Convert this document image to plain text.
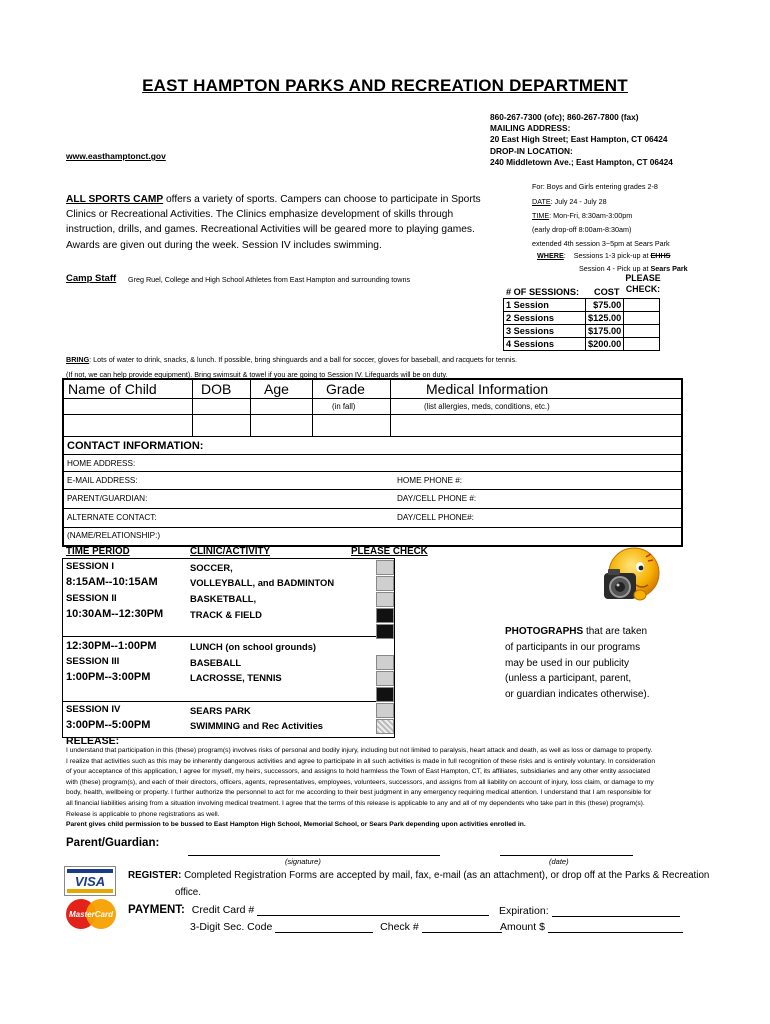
EAST HAMPTON PARKS AND RECREATION DEPARTMENT
860-267-7300 (ofc); 860-267-7800 (fax)
MAILING ADDRESS:
20 East High Street; East Hampton, CT 06424
DROP-IN LOCATION:
240 Middletown Ave.; East Hampton, CT 06424
www.easthamptonct.gov
ALL SPORTS CAMP offers a variety of sports. Campers can choose to participate in Sports Clinics or Recreational Activities. The Clinics emphasize development of skills through instruction, drills, and games. Recreational Activities will be geared more to playing games. Awards are given out during the week. Session IV includes swimming.
For: Boys and Girls entering grades 2-8
DATE: July 24 - July 28
TIME: Mon-Fri, 8:30am-3:00pm
(early drop-off 8:00am-8:30am)
extended 4th session 3~5pm at Sears Park
WHERE:    Sessions 1-3 pick-up at EHHS
Session 4 - Pick up at Sears Park
Camp Staff Greg Ruel, College and High School Athletes from East Hampton and surrounding towns	PLEASE CHECK:
# OF SESSIONS: COST
1 Session	$75.00	
2 Sessions	$125.00	
3 Sessions	$175.00	
4 Sessions	$200.00	
BRING: Lots of water to drink, snacks, & lunch. If possible, bring shinguards and a ball for soccer, gloves for baseball, and racquets for tennis.
(If not, we can help provide equipment). Bring swimsuit & towel if you are going to Session IV. Lifeguards will be on duty.
Name of Child	DOB Age	Grade	Medical Information
(in fall)	(list allergies, meds, conditions, etc.)
CONTACT INFORMATION:
HOME ADDRESS:
E-MAIL ADDRESS:	HOME PHONE #:
PARENT/GUARDIAN:	DAY/CELL PHONE #:
ALTERNATE CONTACT:	DAY/CELL PHONE#:
(NAME/RELATIONSHIP:)
TIME PERIOD	CLINIC/ACTIVITY	PLEASE CHECK
SESSION I	SOCCER,
8:15AM--10:15AM	VOLLEYBALL, and BADMINTON
SESSION II	BASKETBALL,
10:30AM--12:30PM	TRACK & FIELD
12:30PM--1:00PM	LUNCH (on school grounds)
SESSION III	BASEBALL
1:00PM--3:00PM	LACROSSE, TENNIS
SESSION IV	SEARS PARK
3:00PM--5:00PM	SWIMMING and Rec Activities
PHOTOGRAPHS that are taken
of participants in our programs
may be used in our publicity
(unless a participant, parent,
or guardian indicates otherwise).
RELEASE:
I understand that participation in this (these) program(s) involves risks of personal and bodily injury, including but not limited to paralysis, heart attack and death, as well as loss or damage to property. I realize that activities such as this may be inherently dangerous activities and agree to participate in all such activities is made in full recognition of these risks and is entirely voluntary. In consideration of your acceptance of this application, I agree for myself, my heirs, successors, and assigns to hold harmless the Town of East Hampton, CT, its affiliates, subsidiaries and any other entity associated with (these) program(s), and each of their directors, officers, agents, representatives, employees, volunteers, successors, and assigns from all liability on account of injury, loss claim, or damage to my body, health, wellbeing or property. I further authorize the personnel to act for me according to their best judgment in any emergency requiring medical attention. I understand that I am responsible for all financial liabilities arising from a situation involving medical treatment. I agree that the terms of this release is applicable to any and all of my dependents who take part in this (these) program(s). Release is applicable to phone registrations as well.
Parent gives child permission to be bussed to East Hampton High School, Memorial School, or Sears Park depending upon activities enrolled in.
Parent/Guardian:
(signature)	(date)
VISA
MasterCard
REGISTER: Completed Registration Forms are accepted by mail, fax, e-mail (as an attachment), or drop off at the Parks & Recreation
office.
PAYMENT: Credit Card #	Expiration:
3-Digit Sec. Code	Check #	Amount $
